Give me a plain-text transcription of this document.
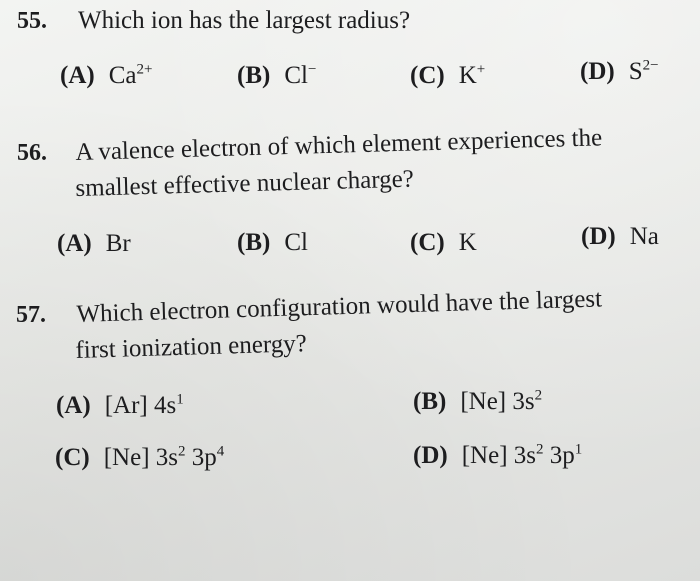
55. Which ion has the largest radius?
(A) $Ca^{2+}$	(B) Cl−	(C) K+	(D) $S^{2-}$
56. A valence electron of which element experiences the
smallest effective nuclear charge?
(A) Br	(B) Cl	(C) K	(D) Na
57. Which electron configuration would have the largest
first ionization energy?
(A) [Ar] $4s^1$	(B) [Ne] $3s^2$
(C) [Ne] $3s^2$ $3p^4$	(D) [Ne] $3s^2$ $3p^1$
